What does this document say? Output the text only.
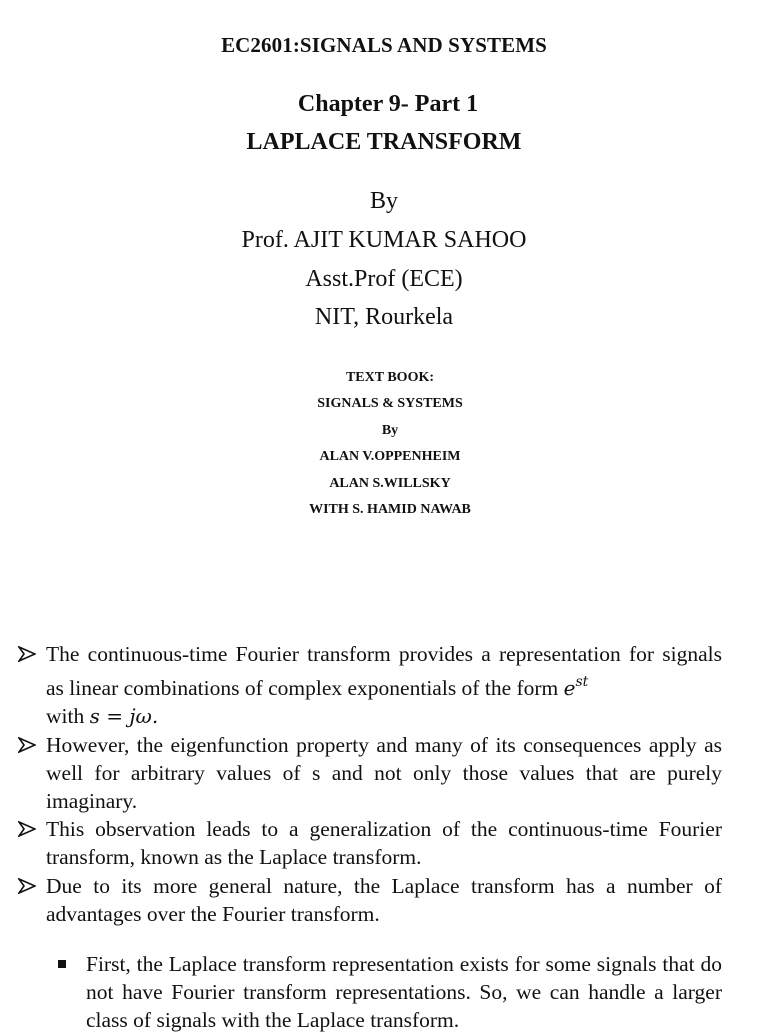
EC2601:SIGNALS AND SYSTEMS
Chapter 9- Part 1
LAPLACE TRANSFORM
By
Prof. AJIT KUMAR SAHOO
Asst.Prof (ECE)
NIT, Rourkela
TEXT BOOK:
SIGNALS & SYSTEMS
By
ALAN V.OPPENHEIM
ALAN S.WILLSKY
WITH S. HAMID NAWAB
The continuous-time Fourier transform provides a representation for signals as linear combinations of complex exponentials of the form $e^{st}$
with s = jω.
However, the eigenfunction property and many of its consequences apply as well for arbitrary values of s and not only those values that are purely imaginary.
This observation leads to a generalization of the continuous-time Fourier transform, known as the Laplace transform.
Due to its more general nature, the Laplace transform has a number of advantages over the Fourier transform.
First, the Laplace transform representation exists for some signals that do not have Fourier transform representations. So, we can handle a larger class of signals with the Laplace transform.
